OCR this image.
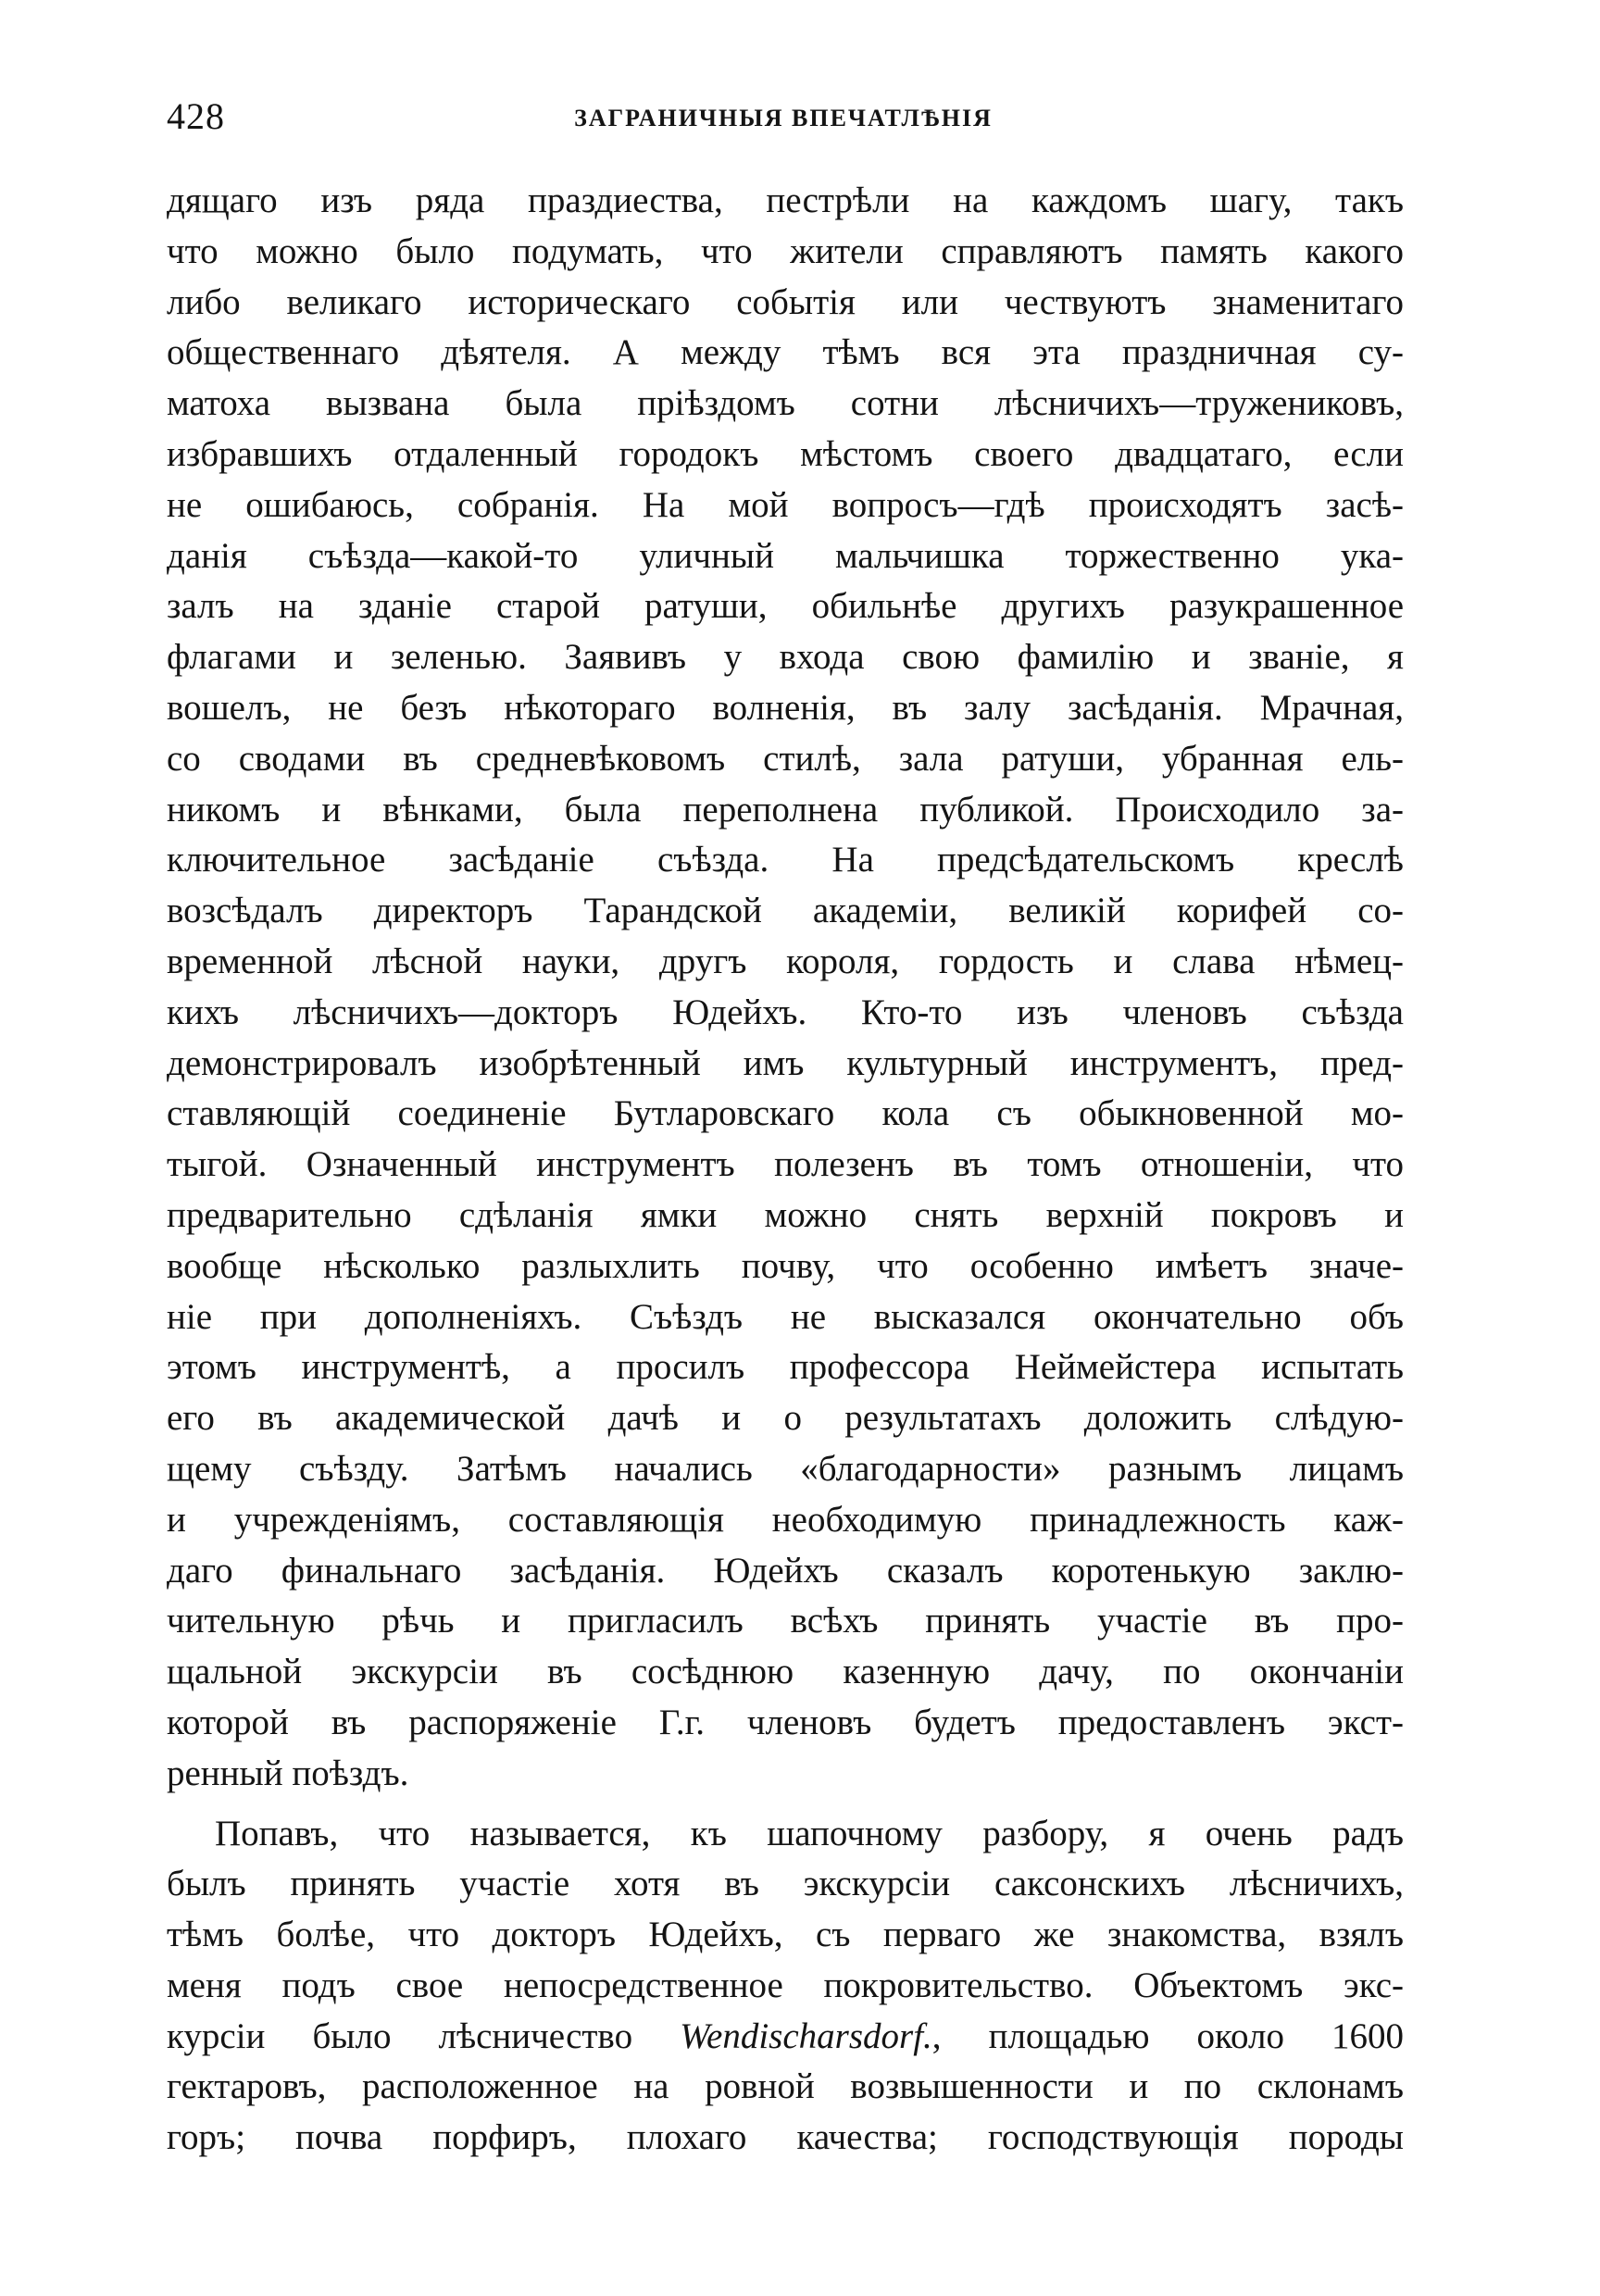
428	ЗАГРАНИЧНЫЯ ВПЕЧАТЛѢНІЯ
дящаго изъ ряда праздиества, пестрѣли на каждомъ шагу, такъ
что можно было подумать, что жители справляютъ память какого
либо великаго историческаго событія или чествуютъ знаменитаго
общественнаго дѣятеля. А между тѣмъ вся эта праздничная су-
матоха вызвана была пріѣздомъ сотни лѣсничихъ—тружениковъ,
избравшихъ отдаленный городокъ мѣстомъ своего двадцатаго, если
не ошибаюсь, собранія. На мой вопросъ—гдѣ происходятъ засѣ-
данія съѣзда—какой-то уличный мальчишка торжественно ука-
залъ на зданіе старой ратуши, обильнѣе другихъ разукрашенное
флагами и зеленью. Заявивъ у входа свою фамилію и званіе, я
вошелъ, не безъ нѣкотораго волненія, въ залу засѣданія. Мрачная,
со сводами въ средневѣковомъ стилѣ, зала ратуши, убранная ель-
никомъ и вѣнками, была переполнена публикой. Происходило за-
ключительное засѣданіе съѣзда. На предсѣдательскомъ креслѣ
возсѣдалъ директоръ Тарандской академіи, великій корифей со-
временной лѣсной науки, другъ короля, гордость и слава нѣмец-
кихъ лѣсничихъ—докторъ Юдейхъ. Кто-то изъ членовъ съѣзда
демонстрировалъ изобрѣтенный имъ культурный инструментъ, пред-
ставляющій соединеніе Бутларовскаго кола съ обыкновенной мо-
тыгой. Означенный инструментъ полезенъ въ томъ отношеніи, что
предварительно сдѣланія ямки можно снять верхній покровъ и
вообще нѣсколько разлыхлить почву, что особенно имѣетъ значе-
ніе при дополненіяхъ. Съѣздъ не высказался окончательно объ
этомъ инструментѣ, а просилъ профессора Неймейстера испытать
его въ академической дачѣ и о результатахъ доложить слѣдую-
щему съѣзду. Затѣмъ начались «благодарности» разнымъ лицамъ
и учрежденіямъ, составляющія необходимую принадлежность каж-
даго финальнаго засѣданія. Юдейхъ сказалъ коротенькую заклю-
чительную рѣчь и пригласилъ всѣхъ принять участіе въ про-
щальной экскурсіи въ сосѣднюю казенную дачу, по окончаніи
которой въ распоряженіе Г.г. членовъ будетъ предоставленъ экст-
ренный поѣздъ.
Попавъ, что называется, къ шапочному разбору, я очень радъ
былъ принять участіе хотя въ экскурсіи саксонскихъ лѣсничихъ,
тѣмъ болѣе, что докторъ Юдейхъ, съ перваго же знакомства, взялъ
меня подъ свое непосредственное покровительство. Объектомъ экс-
курсіи было лѣсничество Wendischarsdorf., площадью около 1600
гектаровъ, расположенное на ровной возвышенности и по склонамъ
горъ; почва порфиръ, плохаго качества; господствующія породы
